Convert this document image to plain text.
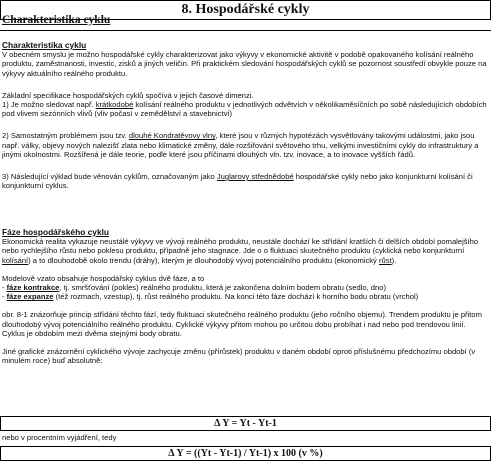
8. Hospodářské cykly
Charakteristika cyklu
Charakteristika cyklu
V obecném smyslu je možno hospodářské cykly charakterizovat jako výkyvy v ekonomické aktivitě v podobě opakovaného kolísání reálného produktu, zaměstnanosti, investic, zisků a jiných veličin. Při praktickém sledování hospodářských cyklů se pozornost soustředí obvykle pouze na výkyvy aktuálního reálného produktu.
Základní specifikace hospodářských cyklů spočívá v jejich časové dimenzi.
1) Je možno sledovat např. krátkodobé kolísání reálného produktu v jednotlivých odvětvích v několikaměsíčních po sobě následujících obdobích pod vlivem sezónních vlivů (vliv počasí v zemědělství a stavebnictví)
2) Samostatným problémem jsou tzv. dlouhé Kondratěvovy vlny, které jsou v různých hypotézách vysvětlovány takovými událostmi, jako jsou např. války, objevy nových nalezišť zlata nebo klimatické změny, dále rozšiřování světového trhu, velkými investičními cykly do infrastruktury a jinými okolnostmi. Rozšířená je dále teorie, podle které jsou příčinami dlouhých vln. tzv. inovace, a to inovace vyšších řádů.
3) Následující výklad bude věnován cyklům, označovaným jako Juglarovy střednědobé hospodářské cykly nebo jako konjunkturní kolísání či konjunkturní cyklus.
Fáze hospodářského cyklu
Ekonomická realita vykazuje neustálé výkyvy ve vývoji reálného produktu, neustále dochází ke střídání kratších či delších období pomalejšího nebo rychlejšího růstu nebo poklesu produktu, případně jeho stagnace. Jde o o fluktuaci skutečného produktu (cyklická nebo konjunkturní kolísání) a to dlouhodobě okolo trendu (dráhy), kterým je dlouhodobý vývoj potenciálního produktu (ekonomický růst).
Modelově vzato obsahuje hospodářský cyklus dvě fáze, a to
- fáze kontrakce, tj. smršťování (pokles) reálného produktu, která je zakončena dolním bodem obratu (sedlo, dno)
- fáze expanze (též rozmach, vzestup), tj. růst reálného produktu. Na konci této fáze dochází k horního bodu obratu (vrchol)
obr. 8-1 znázorňuje princip střídání těchto fází, tedy fluktuaci skutečného reálného produktu (jeho ročního objemu). Trendem produktu je přitom dlouhodobý vývoj potenciálního reálného produktu. Cyklické výkyvy přitom mohou po určitou dobu probíhat i nad nebo pod trendovou linií. Cyklus je obdobím mezi dvěma stejnými body obratu.
Jiné grafické znázornění cyklického vývoje zachycuje změnu (přírůstek) produktu v daném období oproti příslušnému předchozímu období (v minulém roce) buď absolutně:
Δ Y = Yt - Yt-1
nebo v procentním vyjádření, tedy
Δ Y = ((Yt - Yt-1) / Yt-1) x 100 (v %)
